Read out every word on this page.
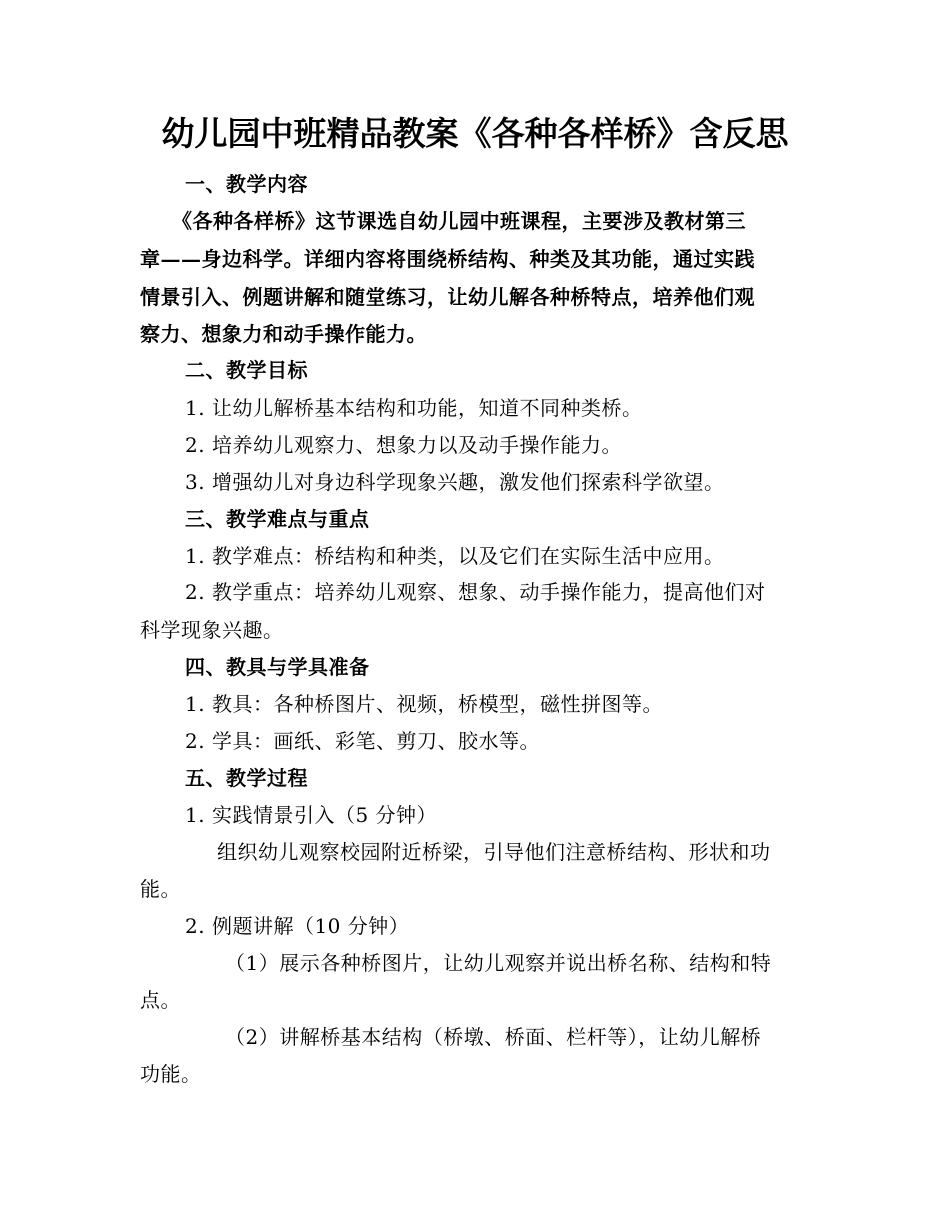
幼儿园中班精品教案《各种各样桥》含反思
一、教学内容
《各种各样桥》这节课选自幼儿园中班课程，主要涉及教材第三
章——身边科学。详细内容将围绕桥结构、种类及其功能，通过实践
情景引入、例题讲解和随堂练习，让幼儿解各种桥特点，培养他们观
察力、想象力和动手操作能力。
二、教学目标
1. 让幼儿解桥基本结构和功能，知道不同种类桥。
2. 培养幼儿观察力、想象力以及动手操作能力。
3. 增强幼儿对身边科学现象兴趣，激发他们探索科学欲望。
三、教学难点与重点
1. 教学难点：桥结构和种类，以及它们在实际生活中应用。
2. 教学重点：培养幼儿观察、想象、动手操作能力，提高他们对
科学现象兴趣。
四、教具与学具准备
1. 教具：各种桥图片、视频，桥模型，磁性拼图等。
2. 学具：画纸、彩笔、剪刀、胶水等。
五、教学过程
1. 实践情景引入（5 分钟）
组织幼儿观察校园附近桥梁，引导他们注意桥结构、形状和功
能。
2. 例题讲解（10 分钟）
（1）展示各种桥图片，让幼儿观察并说出桥名称、结构和特
点。
（2）讲解桥基本结构（桥墩、桥面、栏杆等），让幼儿解桥
功能。
